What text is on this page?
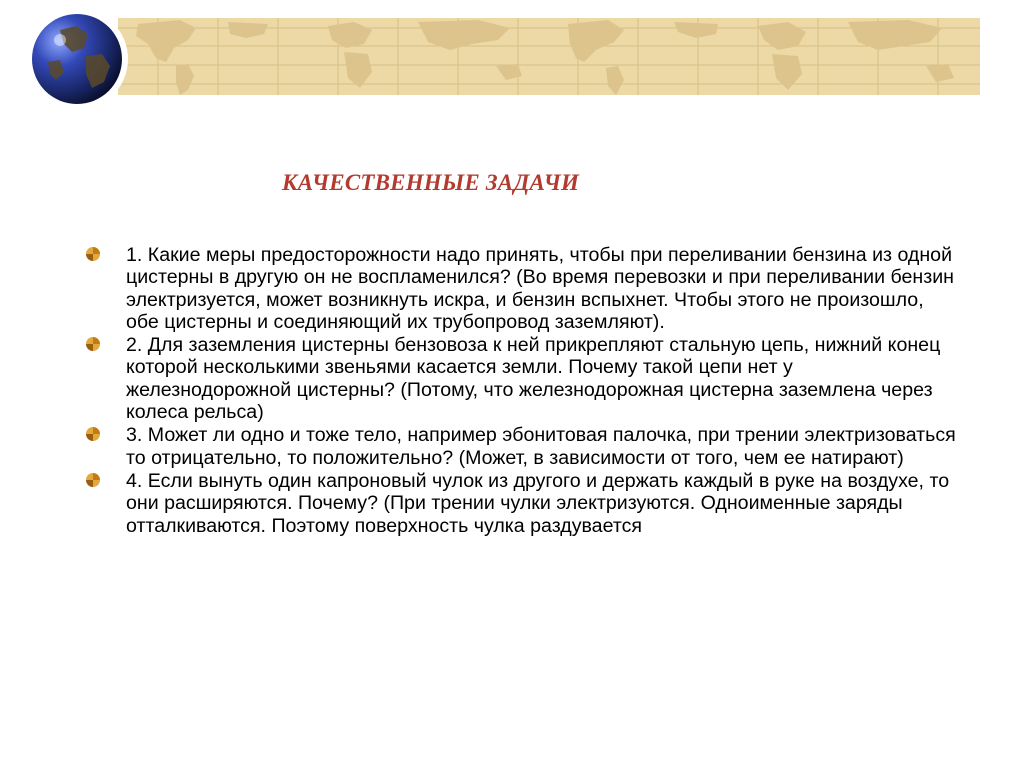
КАЧЕСТВЕННЫЕ ЗАДАЧИ
1. Какие меры предосторожности надо принять, чтобы при переливании бензина из одной цистерны в другую он не воспламенился? (Во время перевозки и при переливании бензин электризуется, может возникнуть искра, и бензин вспыхнет. Чтобы этого не произошло, обе цистерны и соединяющий их трубопровод заземляют).
2. Для заземления цистерны бензовоза к ней прикрепляют стальную цепь, нижний конец которой несколькими звеньями касается земли. Почему такой цепи нет у железнодорожной цистерны? (Потому, что железнодорожная цистерна заземлена через колеса рельса)
3. Может ли одно и тоже тело, например эбонитовая палочка, при трении электризоваться то отрицательно, то положительно? (Может, в зависимости от того, чем ее натирают)
4. Если вынуть один капроновый чулок из другого и держать каждый в руке на воздухе, то они расширяются. Почему? (При трении чулки электризуются. Одноименные заряды отталкиваются. Поэтому поверхность чулка раздувается
